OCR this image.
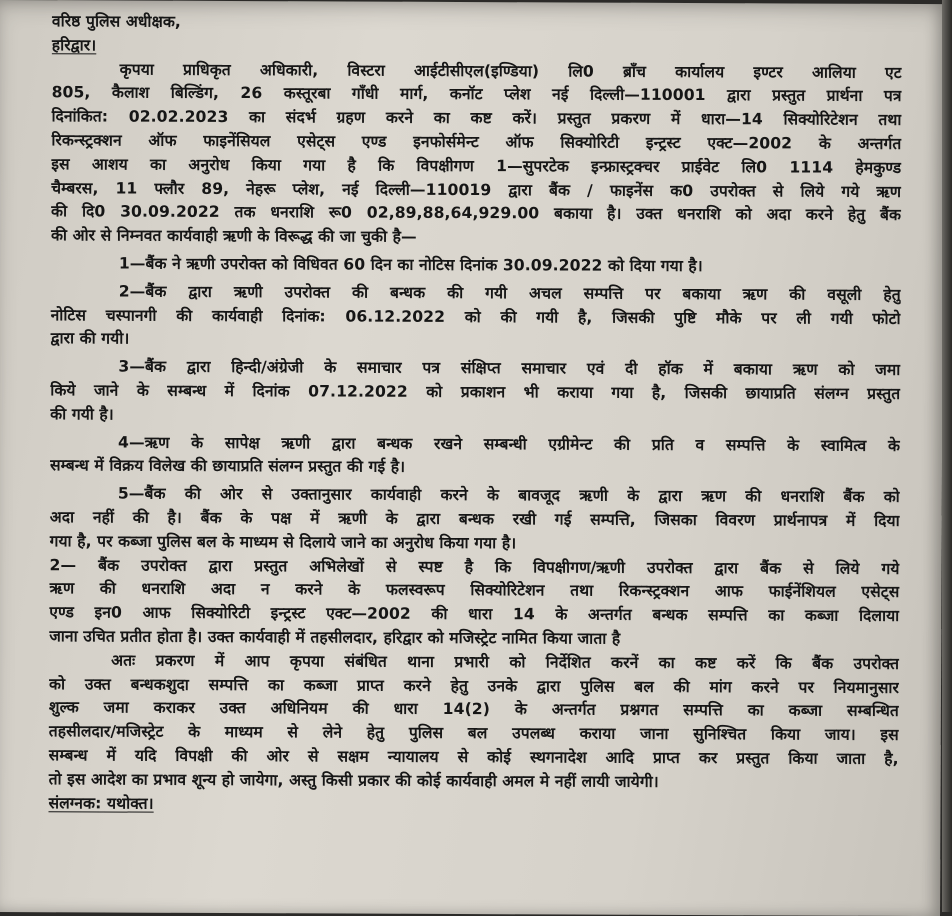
वरिष्ठ पुलिस अधीक्षक,
हरिद्वार।
कृपया प्राधिकृत अधिकारी, विस्टरा आईटीसीएल(इण्डिया) लि0 ब्राँच कार्यालय इण्टर आलिया एट
805, कैलाश बिल्डिंग, 26 कस्तूरबा गाँधी मार्ग, कनॉट प्लेश नई दिल्ली—110001 द्वारा प्रस्तुत प्रार्थना पत्र
दिनांकित: 02.02.2023 का संदर्भ ग्रहण करने का कष्ट करें। प्रस्तुत प्रकरण में धारा—14 सिक्योरिटेशन तथा
रिकन्स्ट्रक्शन ऑफ फाइनेंसियल एसेट्स एण्ड इनफोर्समेन्ट ऑफ सिक्योरिटी इन्ट्रस्ट एक्ट—2002 के अन्तर्गत
इस आशय का अनुरोध किया गया है कि विपक्षीगण 1—सुपरटेक इन्फ्रास्ट्रक्चर प्राईवेट लि0 1114 हेमकुण्ड
चैम्बरस, 11 फ्लौर 89, नेहरू प्लेश, नई दिल्ली—110019 द्वारा बैंक / फाइनेंस क0 उपरोक्त से लिये गये ऋण
की दि0 30.09.2022 तक धनराशि रू0 02,89,88,64,929.00 बकाया है। उक्त धनराशि को अदा करने हेतु बैंक
की ओर से निम्नवत कार्यवाही ऋणी के विरूद्ध की जा चुकी है—
1—बैंक ने ऋणी उपरोक्त को विधिवत 60 दिन का नोटिस दिनांक 30.09.2022 को दिया गया है।
2—बैंक द्वारा ऋणी उपरोक्त की बन्धक की गयी अचल सम्पत्ति पर बकाया ऋण की वसूली हेतु
नोटिस चस्पानगी की कार्यवाही दिनांक: 06.12.2022 को की गयी है, जिसकी पुष्टि मौके पर ली गयी फोटो
द्वारा की गयी।
3—बैंक द्वारा हिन्दी/अंग्रेजी के समाचार पत्र संक्षिप्त समाचार एवं दी हॉक में बकाया ऋण को जमा
किये जाने के सम्बन्ध में दिनांक 07.12.2022 को प्रकाशन भी कराया गया है, जिसकी छायाप्रति संलग्न प्रस्तुत
की गयी है।
4—ऋण के सापेक्ष ऋणी द्वारा बन्धक रखने सम्बन्धी एग्रीमेन्ट की प्रति व सम्पत्ति के स्वामित्व के
सम्बन्ध में विक्रय विलेख की छायाप्रति संलग्न प्रस्तुत की गई है।
5—बैंक की ओर से उक्तानुसार कार्यवाही करने के बावजूद ऋणी के द्वारा ऋण की धनराशि बैंक को
अदा नहीं की है। बैंक के पक्ष में ऋणी के द्वारा बन्धक रखी गई सम्पत्ति, जिसका विवरण प्रार्थनापत्र में दिया
गया है, पर कब्जा पुलिस बल के माध्यम से दिलाये जाने का अनुरोध किया गया है।
2— बैंक उपरोक्त द्वारा प्रस्तुत अभिलेखों से स्पष्ट है कि विपक्षीगण/ऋणी उपरोक्त द्वारा बैंक से लिये गये
ऋण की धनराशि अदा न करने के फलस्वरूप सिक्योरिटेशन तथा रिकन्स्ट्रक्शन आफ फाईनेंशियल एसेट्स
एण्ड इन0 आफ सिक्योरिटी इन्ट्रस्ट एक्ट—2002 की धारा 14 के अन्तर्गत बन्धक सम्पत्ति का कब्जा दिलाया
जाना उचित प्रतीत होता है। उक्त कार्यवाही में तहसीलदार, हरिद्वार को मजिस्ट्रेट नामित किया जाता है
अतः प्रकरण में आप कृपया संबंधित थाना प्रभारी को निर्देशित करनें का कष्ट करें कि बैंक उपरोक्त
को उक्त बन्धकशुदा सम्पत्ति का कब्जा प्राप्त करने हेतु उनके द्वारा पुलिस बल की मांग करने पर नियमानुसार
शुल्क जमा कराकर उक्त अधिनियम की धारा 14(2) के अन्तर्गत प्रश्नगत सम्पत्ति का कब्जा सम्बन्धित
तहसीलदार/मजिस्ट्रेट के माध्यम से लेने हेतु पुलिस बल उपलब्ध कराया जाना सुनिश्चित किया जाय। इस
सम्बन्ध में यदि विपक्षी की ओर से सक्षम न्यायालय से कोई स्थगनादेश आदि प्राप्त कर प्रस्तुत किया जाता है,
तो इस आदेश का प्रभाव शून्य हो जायेगा, अस्तु किसी प्रकार की कोई कार्यवाही अमल मे नहीं लायी जायेगी।
संलग्नक: यथोक्त।
